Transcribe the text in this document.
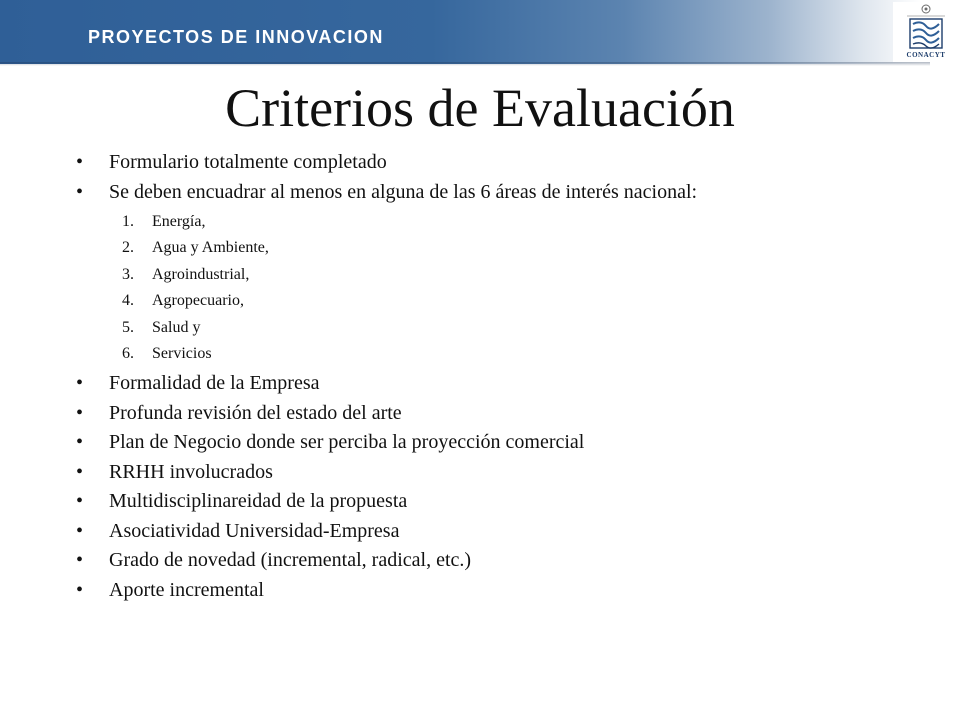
PROYECTOS DE INNOVACION
CONACYT
Criterios de Evaluación
• Formulario totalmente completado
• Se deben encuadrar al menos en alguna de las 6 áreas de interés nacional:
1. Energía,
2. Agua y Ambiente,
3. Agroindustrial,
4. Agropecuario,
5. Salud y
6. Servicios
• Formalidad de la Empresa
• Profunda revisión del estado del arte
• Plan de Negocio donde ser perciba la proyección comercial
• RRHH involucrados
• Multidisciplinareidad de la propuesta
• Asociatividad Universidad-Empresa
• Grado de novedad (incremental, radical, etc.)
• Aporte incremental
